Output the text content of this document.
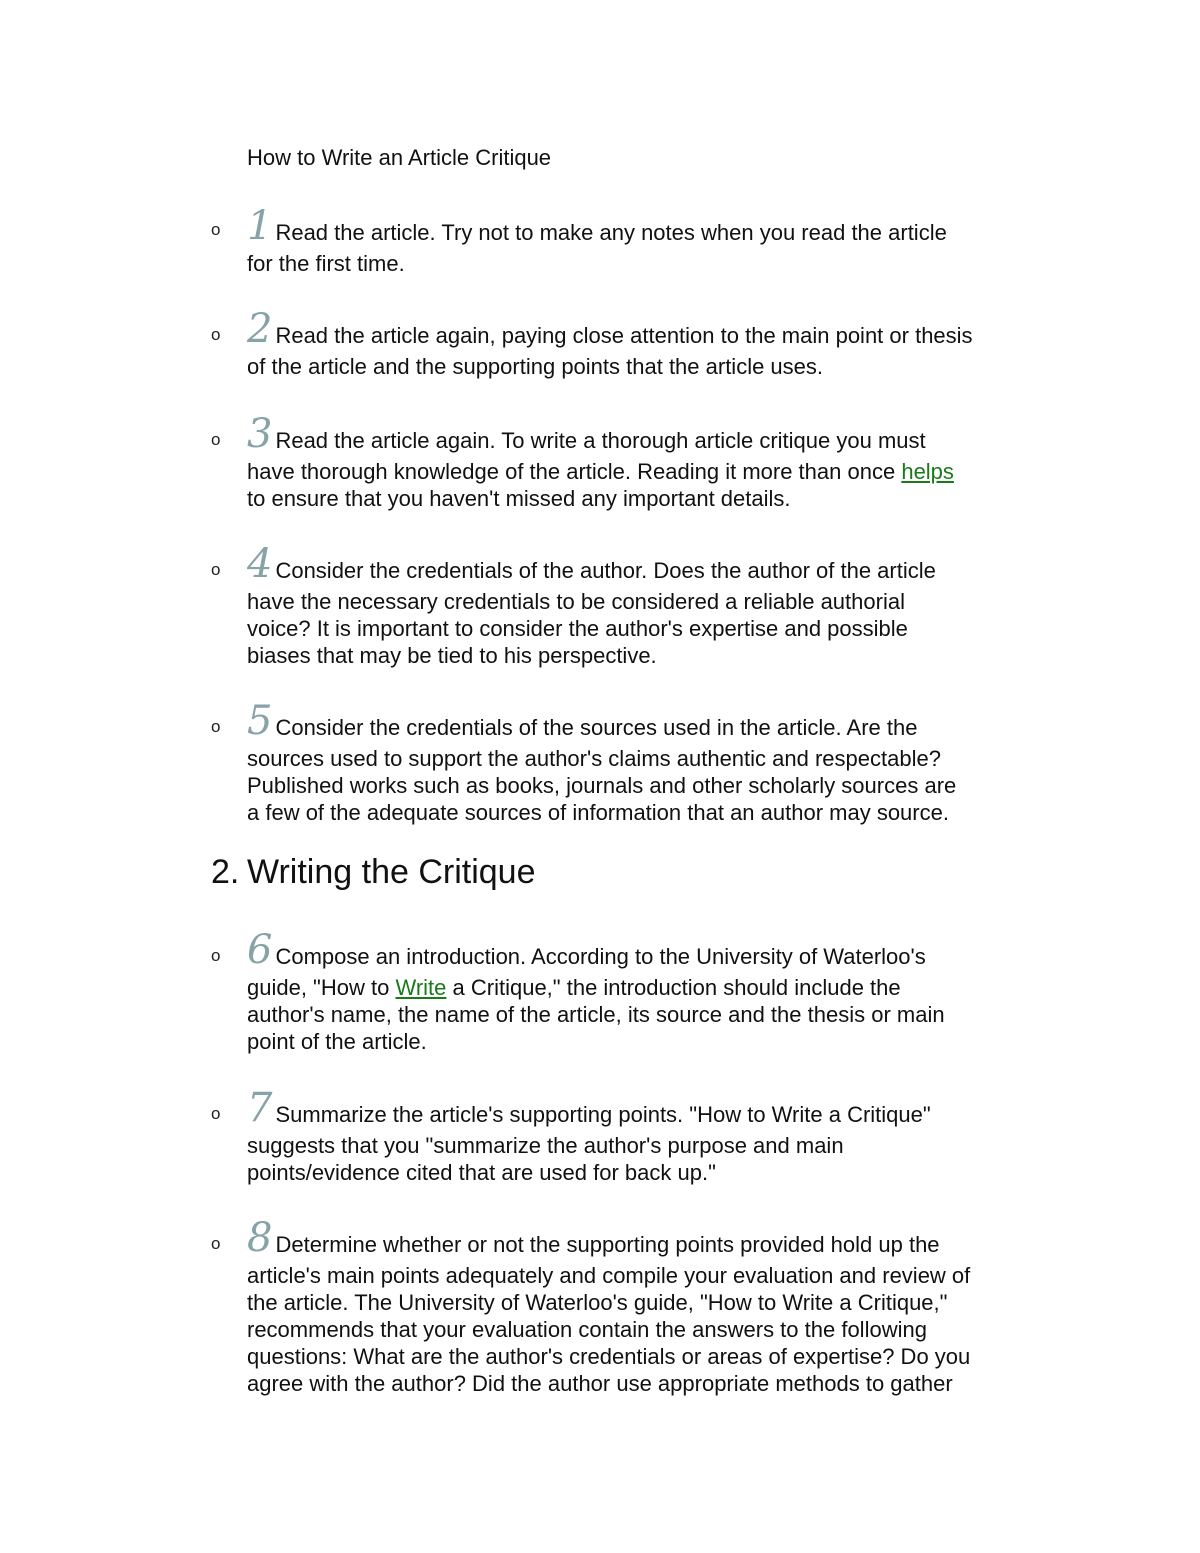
How to Write an Article Critique
o 1 Read the article. Try not to make any notes when you read the article
for the first time.
o 2 Read the article again, paying close attention to the main point or thesis
of the article and the supporting points that the article uses.
o 3 Read the article again. To write a thorough article critique you must
have thorough knowledge of the article. Reading it more than once helps
to ensure that you haven't missed any important details.
o 4 Consider the credentials of the author. Does the author of the article
have the necessary credentials to be considered a reliable authorial
voice? It is important to consider the author's expertise and possible
biases that may be tied to his perspective.
o 5 Consider the credentials of the sources used in the article. Are the
sources used to support the author's claims authentic and respectable?
Published works such as books, journals and other scholarly sources are
a few of the adequate sources of information that an author may source.
2. Writing the Critique
o 6 Compose an introduction. According to the University of Waterloo's
guide, "How to Write a Critique," the introduction should include the
author's name, the name of the article, its source and the thesis or main
point of the article.
o 7 Summarize the article's supporting points. "How to Write a Critique"
suggests that you "summarize the author's purpose and main
points/evidence cited that are used for back up."
o 8 Determine whether or not the supporting points provided hold up the
article's main points adequately and compile your evaluation and review of
the article. The University of Waterloo's guide, "How to Write a Critique,"
recommends that your evaluation contain the answers to the following
questions: What are the author's credentials or areas of expertise? Do you
agree with the author? Did the author use appropriate methods to gather
